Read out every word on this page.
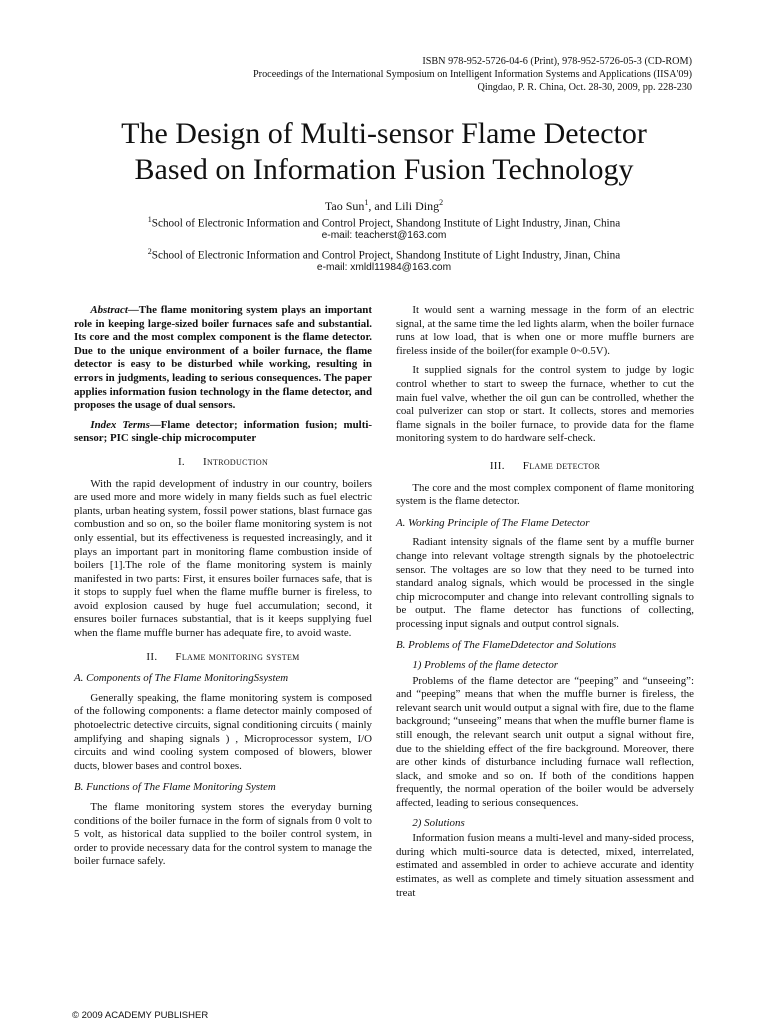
ISBN 978-952-5726-04-6 (Print), 978-952-5726-05-3 (CD-ROM)
Proceedings of the International Symposium on Intelligent Information Systems and Applications (IISA'09)
Qingdao, P. R. China, Oct. 28-30, 2009, pp. 228-230
The Design of Multi-sensor Flame Detector
Based on Information Fusion Technology
Tao Sun$^1$, and Lili Ding$^2$
$^1$School of Electronic Information and Control Project, Shandong Institute of Light Industry, Jinan, China
e-mail: teacherst@163.com
$^2$School of Electronic Information and Control Project, Shandong Institute of Light Industry, Jinan, China
e-mail: xmldl11984@163.com

Abstract—The flame monitoring system plays an important role in keeping large-sized boiler furnaces safe and substantial. Its core and the most complex component is the flame detector. Due to the unique environment of a boiler furnace, the flame detector is easy to be disturbed while working, resulting in errors in judgments, leading to serious consequences. The paper applies information fusion technology in the flame detector, and proposes the usage of dual sensors.

Index Terms—Flame detector; information fusion; multi-sensor; PIC single-chip microcomputer

I. Introduction

With the rapid development of industry in our country, boilers are used more and more widely in many fields such as fuel electric plants, urban heating system, fossil power stations, blast furnace gas combustion and so on, so the boiler flame monitoring system is not only essential, but its effectiveness is requested increasingly, and it plays an important part in monitoring flame combustion inside of boilers [1].The role of the flame monitoring system is mainly manifested in two parts: First, it ensures boiler furnaces safe, that is it stops to supply fuel when the flame muffle burner is fireless, to avoid explosion caused by huge fuel accumulation; second, it ensures boiler furnaces substantial, that is it keeps supplying fuel when the flame muffle burner has adequate fire, to avoid waste.

II. Flame monitoring system
A. Components of The Flame MonitoringSsystem

Generally speaking, the flame monitoring system is composed of the following components: a flame detector mainly composed of photoelectric detective circuits, signal conditioning circuits ( mainly amplifying and shaping signals ) , Microprocessor system, I/O circuits and wind cooling system composed of blowers, blower ducts, blower bases and control boxes.

B. Functions of The Flame Monitoring System

The flame monitoring system stores the everyday burning conditions of the boiler furnace in the form of signals from 0 volt to 5 volt, as historical data supplied to the boiler control system, in order to provide necessary data for the control system to manage the boiler furnace safely.

It would sent a warning message in the form of an electric signal, at the same time the led lights alarm, when the boiler furnace runs at low load, that is when one or more muffle burners are fireless inside of the boiler(for example 0~0.5V).

It supplied signals for the control system to judge by logic control whether to start to sweep the furnace, whether to cut the main fuel valve, whether the oil gun can be controlled, whether the coal pulverizer can stop or start. It collects, stores and memories flame signals in the boiler furnace, to provide data for the flame monitoring system to do hardware self-check.

III. Flame detector

The core and the most complex component of flame monitoring system is the flame detector.

A. Working Principle of The Flame Detector

Radiant intensity signals of the flame sent by a muffle burner change into relevant voltage strength signals by the photoelectric sensor. The voltages are so low that they need to be turned into standard analog signals, which would be processed in the single chip microcomputer and change into relevant controlling signals to be output. The flame detector has functions of collecting, processing input signals and output control signals.

B. Problems of The FlameDdetector and Solutions
1) Problems of the flame detector

Problems of the flame detector are “peeping” and “unseeing”: and “peeping” means that when the muffle burner is fireless, the relevant search unit would output a signal with fire, due to the flame background; “unseeing” means that when the muffle burner flame is still enough, the relevant search unit output a signal without fire, due to the shielding effect of the fire background. Moreover, there are other kinds of disturbance including furnace wall reflection, slack, and smoke and so on. If both of the conditions happen frequently, the normal operation of the boiler would be adversely affected, leading to serious consequences.

2) Solutions

Information fusion means a multi-level and many-sided process, during which multi-source data is detected, mixed, interrelated, estimated and assembled in order to achieve accurate and identity estimates, as well as complete and timely situation assessment and treat

© 2009 ACADEMY PUBLISHER
